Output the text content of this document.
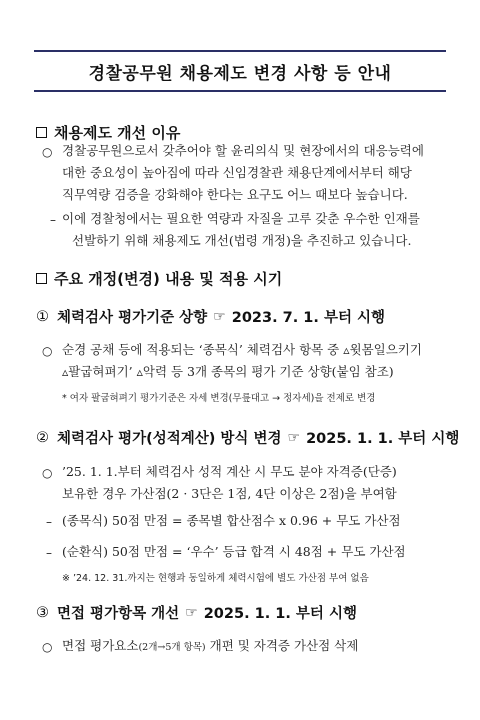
경찰공무원 채용제도 변경 사항 등 안내
채용제도 개선 이유
○ 경찰공무원으로서 갖추어야 할 윤리의식 및 현장에서의 대응능력에
대한 중요성이 높아짐에 따라 신임경찰관 채용단계에서부터 해당
직무역량 검증을 강화해야 한다는 요구도 어느 때보다 높습니다.
– 이에 경찰청에서는 필요한 역량과 자질을 고루 갖춘 우수한 인재를
선발하기 위해 채용제도 개선(법령 개정)을 추진하고 있습니다.
주요 개정(변경) 내용 및 적용 시기
① 체력검사 평가기준 상향 ☞ 2023. 7. 1. 부터 시행
○ 순경 공채 등에 적용되는 ‘종목식’ 체력검사 항목 중 ▵윗몸일으키기
▵팔굽혀펴기’ ▵악력 등 3개 종목의 평가 기준 상향(붙임 참조)
* 여자 팔굽혀펴기 평가기준은 자세 변경(무릎대고 → 정자세)을 전제로 변경
② 체력검사 평가(성적계산) 방식 변경 ☞ 2025. 1. 1. 부터 시행
○ ’25. 1. 1.부터 체력검사 성적 계산 시 무도 분야 자격증(단증)
보유한 경우 가산점(2 · 3단은 1점, 4단 이상은 2점)을 부여함
– (종목식) 50점 만점 = 종목별 합산점수 x 0.96 + 무도 가산점
– (순환식) 50점 만점 = ‘우수’ 등급 합격 시 48점 + 무도 가산점
※ ’24. 12. 31.까지는 현행과 동일하게 체력시험에 별도 가산점 부여 없음
③ 면접 평가항목 개선 ☞ 2025. 1. 1. 부터 시행
○ 면접 평가요소(2개→5개 항목) 개편 및 자격증 가산점 삭제
